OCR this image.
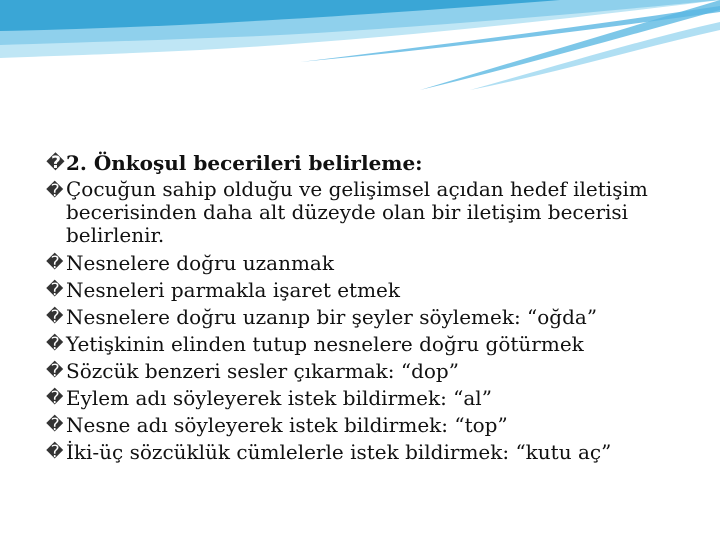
� 2. Önkoşul becerileri belirleme:
� Çocuğun sahip olduğu ve gelişimsel açıdan hedef iletişim becerisinden daha alt düzeyde olan bir iletişim becerisi belirlenir.
� Nesnelere doğru uzanmak
� Nesneleri parmakla işaret etmek
� Nesnelere doğru uzanıp bir şeyler söylemek: “oğda”
� Yetişkinin elinden tutup nesnelere doğru götürmek
� Sözcük benzeri sesler çıkarmak: “dop”
� Eylem adı söyleyerek istek bildirmek: “al”
� Nesne adı söyleyerek istek bildirmek: “top”
� İki-üç sözcüklük cümlelerle istek bildirmek: “kutu aç”
